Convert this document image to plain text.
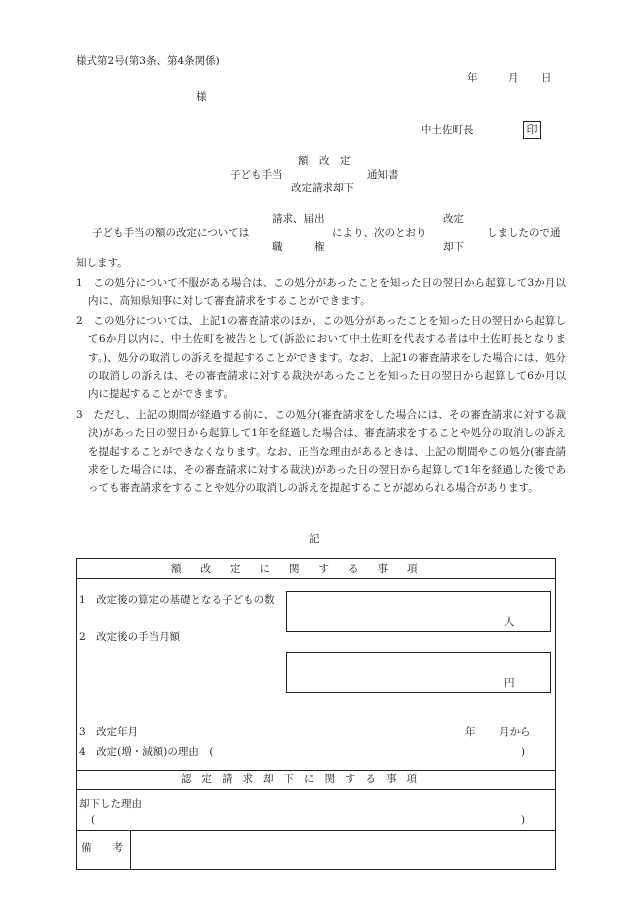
様式第2号(第3条、第4条関係)
年	月 日
様
中土佐町長	印
額　改　定
子ども手当	通知書
改定請求却下
請求、届出	改定
子ども手当の額の改定については	により、次のとおり	しましたので通
職　　　権	却下
知します。
1　この処分について不服がある場合は、この処分があったことを知った日の翌日から起算して3か月以内に、高知県知事に対して審査請求をすることができます。
2　この処分については、上記1の審査請求のほか、この処分があったことを知った日の翌日から起算して6か月以内に、中土佐町を被告として(訴訟において中土佐町を代表する者は中土佐町長となります。)、処分の取消しの訴えを提起することができます。なお、上記1の審査請求をした場合には、処分の取消しの訴えは、その審査請求に対する裁決があったことを知った日の翌日から起算して6か月以内に提起することができます。
3　ただし、上記の期間が経過する前に、この処分(審査請求をした場合には、その審査請求に対する裁決)があった日の翌日から起算して1年を経過した場合は、審査請求をすることや処分の取消しの訴えを提起することができなくなります。なお、正当な理由があるときは、上記の期間やこの処分(審査請求をした場合には、その審査請求に対する裁決)があった日の翌日から起算して1年を経過した後であっても審査請求をすることや処分の取消しの訴えを提起することが認められる場合があります。
記
額改定に関する事項
1　改定後の算定の基礎となる子どもの数
人
2　改定後の手当月額
円
3　改定年月	年 月から
4　改定(増・減額)の理由　(	)
認定請求却下に関する事項
却下した理由
(	)
備　　考
